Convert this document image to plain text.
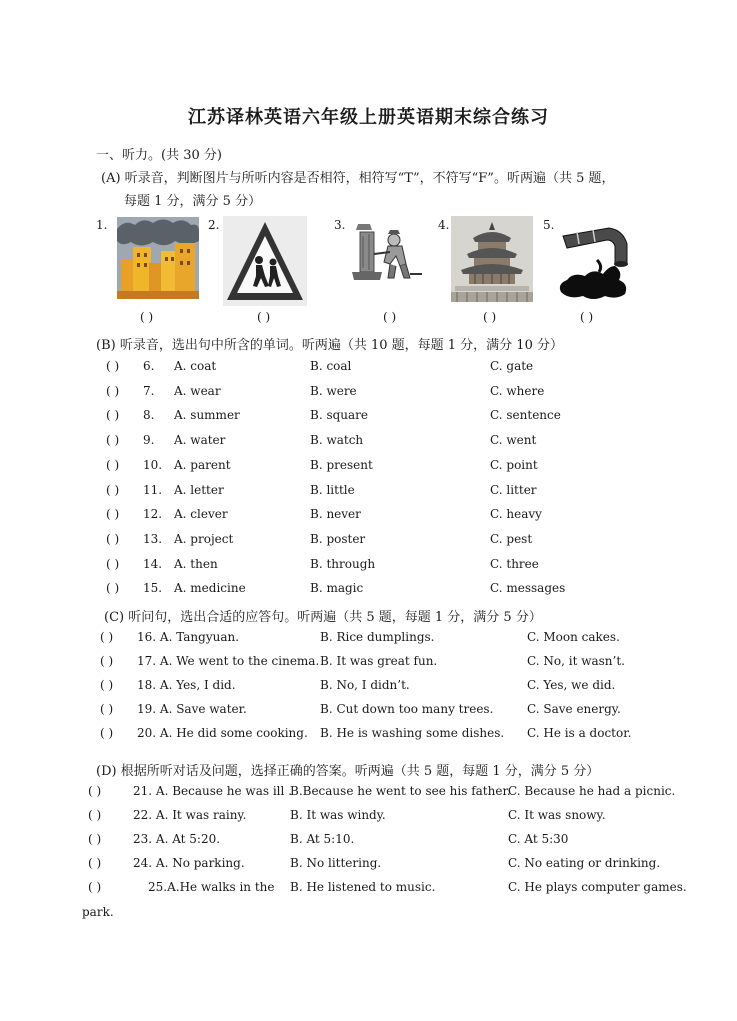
江苏译林英语六年级上册英语期末综合练习
一、听力。(共 30 分)
(A) 听录音，判断图片与所听内容是否相符，相符写“T”，不符写“F”。听两遍（共 5 题，
每题 1 分，满分 5 分）
1.	2.	3.	4.	5.
( )	( )	( )	( )	( )
(B) 听录音，选出句中所含的单词。听两遍（共 10 题，每题 1 分，满分 10 分）
( ) 6. A. coat	B. coal	C. gate
( ) 7. A. wear	B. were	C. where
( ) 8. A. summer	B. square	C. sentence
( ) 9. A. water	B. watch	C. went
( ) 10. A. parent	B. present	C. point
( ) 11. A. letter	B. little	C. litter
( ) 12. A. clever	B. never	C. heavy
( ) 13. A. project	B. poster	C. pest
( ) 14. A. then	B. through	C. three
( ) 15. A. medicine	B. magic	C. messages
(C) 听问句，选出合适的应答句。听两遍（共 5 题，每题 1 分，满分 5 分）
( ) 16. A. Tangyuan.	B. Rice dumplings.	C. Moon cakes.
( ) 17. A. We went to the cinema. B. It was great fun.	C. No, it wasn’t.
( ) 18. A. Yes, I did.	B. No, I didn’t.	C. Yes, we did.
( ) 19. A. Save water.	B. Cut down too many trees.	C. Save energy.
( ) 20. A. He did some cooking. B. He is washing some dishes. C. He is a doctor.
(D) 根据所听对话及问题，选择正确的答案。听两遍（共 5 题，每题 1 分，满分 5 分）
( )	21. A. Because he was ill .
B.Because he went to see his father.
C. Because he had a picnic.
( )	22. A. It was rainy.	B. It was windy.	C. It was snowy.
( )	23. A. At 5:20.	B. At 5:10.	C. At 5:30
( )	24. A. No parking.	B. No littering.	C. No eating or drinking.
( )	25.A.He walks in the B. He listened to music.	C. He plays computer games.
park.
